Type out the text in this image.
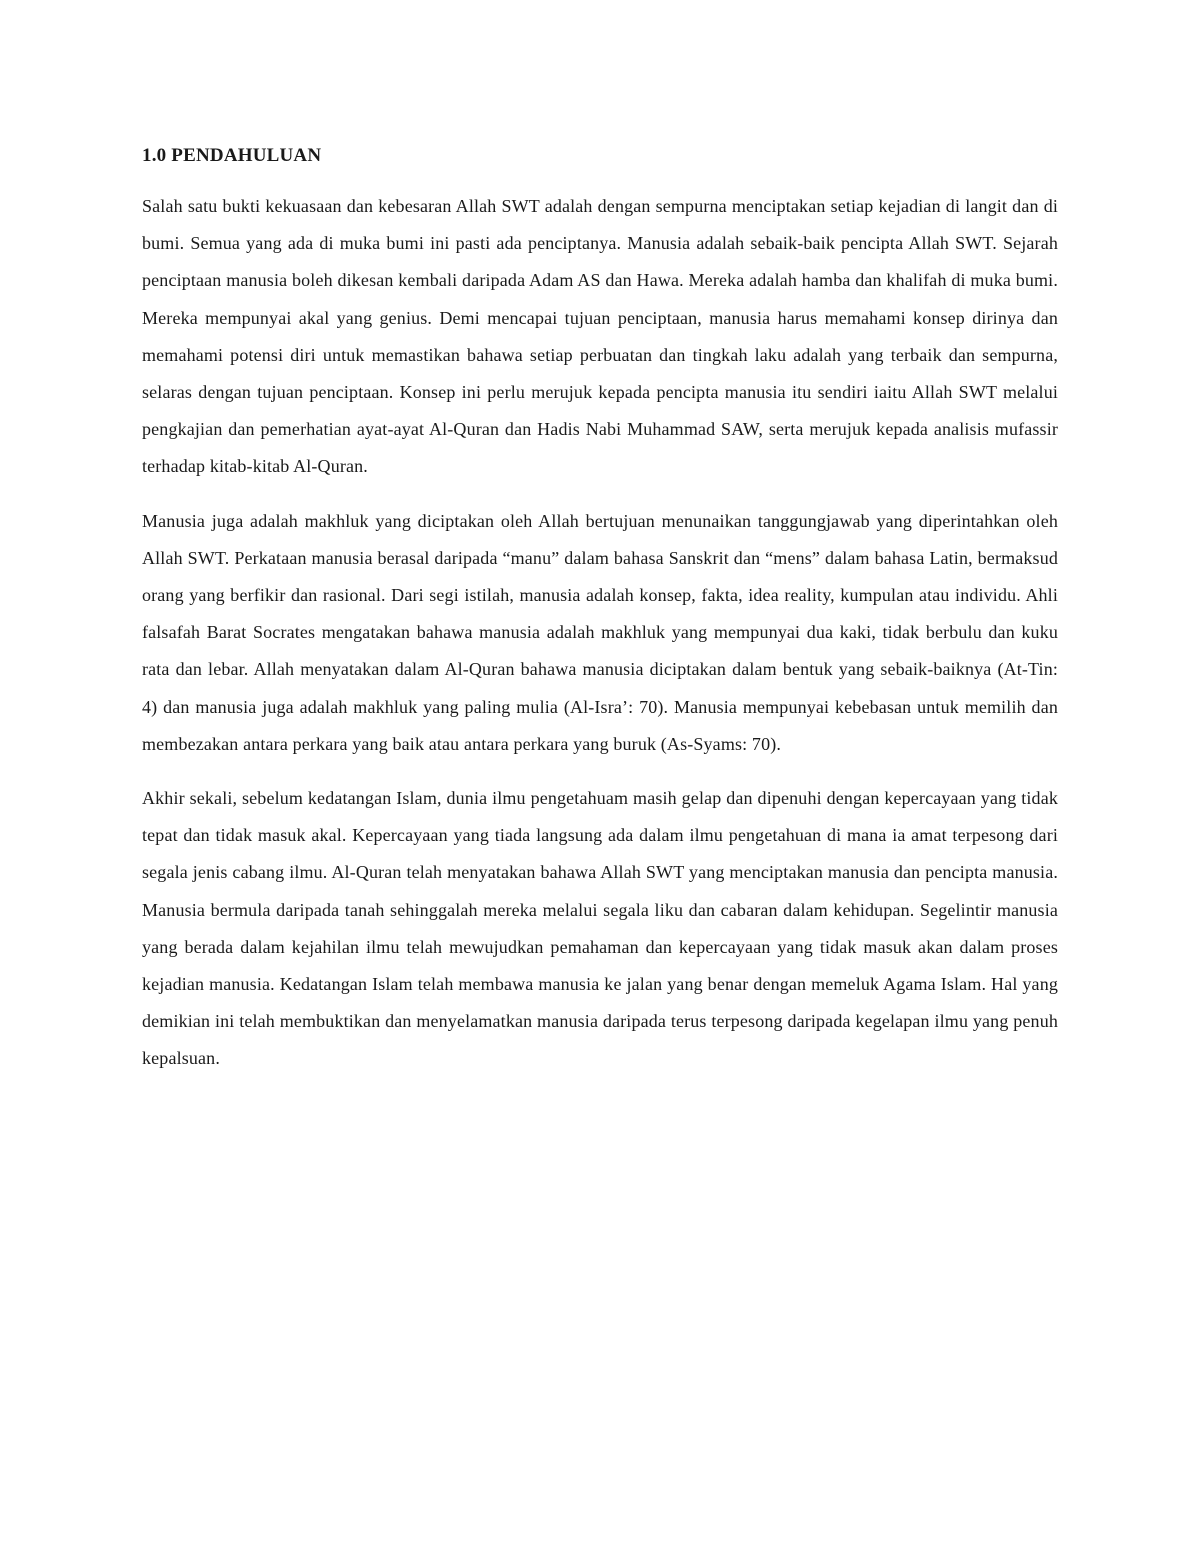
1.0 PENDAHULUAN

Salah satu bukti kekuasaan dan kebesaran Allah SWT adalah dengan sempurna menciptakan setiap kejadian di langit dan di bumi. Semua yang ada di muka bumi ini pasti ada penciptanya. Manusia adalah sebaik-baik pencipta Allah SWT. Sejarah penciptaan manusia boleh dikesan kembali daripada Adam AS dan Hawa. Mereka adalah hamba dan khalifah di muka bumi. Mereka mempunyai akal yang genius. Demi mencapai tujuan penciptaan, manusia harus memahami konsep dirinya dan memahami potensi diri untuk memastikan bahawa setiap perbuatan dan tingkah laku adalah yang terbaik dan sempurna, selaras dengan tujuan penciptaan. Konsep ini perlu merujuk kepada pencipta manusia itu sendiri iaitu Allah SWT melalui pengkajian dan pemerhatian ayat-ayat Al-Quran dan Hadis Nabi Muhammad SAW, serta merujuk kepada analisis mufassir terhadap kitab-kitab Al-Quran.

Manusia juga adalah makhluk yang diciptakan oleh Allah bertujuan menunaikan tanggungjawab yang diperintahkan oleh Allah SWT. Perkataan manusia berasal daripada “manu” dalam bahasa Sanskrit dan “mens” dalam bahasa Latin, bermaksud orang yang berfikir dan rasional. Dari segi istilah, manusia adalah konsep, fakta, idea reality, kumpulan atau individu. Ahli falsafah Barat Socrates mengatakan bahawa manusia adalah makhluk yang mempunyai dua kaki, tidak berbulu dan kuku rata dan lebar. Allah menyatakan dalam Al-Quran bahawa manusia diciptakan dalam bentuk yang sebaik-baiknya (At-Tin: 4) dan manusia juga adalah makhluk yang paling mulia (Al-Isra’: 70). Manusia mempunyai kebebasan untuk memilih dan membezakan antara perkara yang baik atau antara perkara yang buruk (As-Syams: 70).

Akhir sekali, sebelum kedatangan Islam, dunia ilmu pengetahuam masih gelap dan dipenuhi dengan kepercayaan yang tidak tepat dan tidak masuk akal. Kepercayaan yang tiada langsung ada dalam ilmu pengetahuan di mana ia amat terpesong dari segala jenis cabang ilmu. Al-Quran telah menyatakan bahawa Allah SWT yang menciptakan manusia dan pencipta manusia. Manusia bermula daripada tanah sehinggalah mereka melalui segala liku dan cabaran dalam kehidupan. Segelintir manusia yang berada dalam kejahilan ilmu telah mewujudkan pemahaman dan kepercayaan yang tidak masuk akan dalam proses kejadian manusia. Kedatangan Islam telah membawa manusia ke jalan yang benar dengan memeluk Agama Islam. Hal yang demikian ini telah membuktikan dan menyelamatkan manusia daripada terus terpesong daripada kegelapan ilmu yang penuh kepalsuan.
